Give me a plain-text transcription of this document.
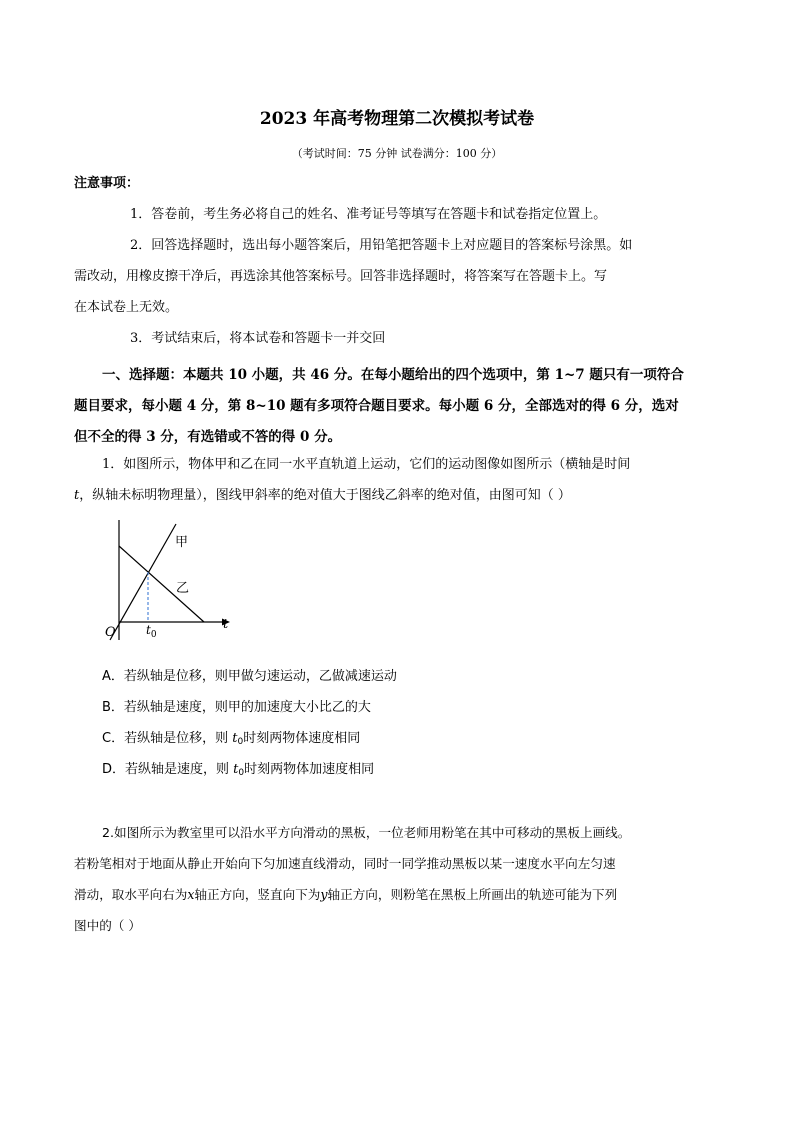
2023 年高考物理第二次模拟考试卷
（考试时间：75 分钟 试卷满分：100 分）
注意事项：
1．答卷前，考生务必将自己的姓名、准考证号等填写在答题卡和试卷指定位置上。
2．回答选择题时，选出每小题答案后，用铅笔把答题卡上对应题目的答案标号涂黑。如
需改动，用橡皮擦干净后，再选涂其他答案标号。回答非选择题时，将答案写在答题卡上。写
在本试卷上无效。
3．考试结束后，将本试卷和答题卡一并交回
一、选择题：本题共 10 小题，共 46 分。在每小题给出的四个选项中，第 1~7 题只有一项符合
题目要求，每小题 4 分，第 8~10 题有多项符合题目要求。每小题 6 分，全部选对的得 6 分，选对
但不全的得 3 分，有选错或不答的得 0 分。
1．如图所示，物体甲和乙在同一水平直轨道上运动，它们的运动图像如图所示（横轴是时间
t，纵轴未标明物理量），图线甲斜率的绝对值大于图线乙斜率的绝对值，由图可知（ ）
甲
乙
O
t
$t_0$
A．若纵轴是位移，则甲做匀速运动，乙做减速运动
B．若纵轴是速度，则甲的加速度大小比乙的大
C．若纵轴是位移，则 $t_0$时刻两物体速度相同
D．若纵轴是速度，则 $t_0$时刻两物体加速度相同
2.如图所示为教室里可以沿水平方向滑动的黑板，一位老师用粉笔在其中可移动的黑板上画线。
若粉笔相对于地面从静止开始向下匀加速直线滑动，同时一同学推动黑板以某一速度水平向左匀速
滑动，取水平向右为x轴正方向，竖直向下为y轴正方向，则粉笔在黑板上所画出的轨迹可能为下列
图中的（ ）
